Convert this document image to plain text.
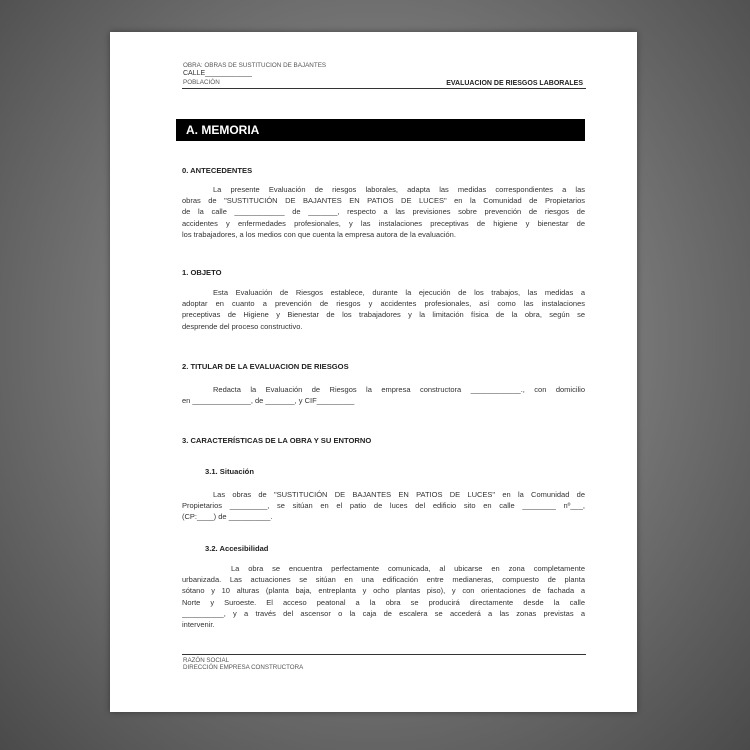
OBRA: OBRAS DE SUSTITUCION DE BAJANTES
CALLE____________
POBLACIÓN	EVALUACION DE RIESGOS LABORALES
A. MEMORIA
0. ANTECEDENTES
La presente Evaluación de riesgos laborales, adapta las medidas correspondientes a las
obras de "SUSTITUCIÓN DE BAJANTES EN PATIOS DE LUCES" en la Comunidad de Propietarios
de la calle ____________ de _______, respecto a las previsiones sobre prevención de riesgos de
accidentes y enfermedades profesionales, y las instalaciones preceptivas de higiene y bienestar de
los trabajadores, a los medios con que cuenta la empresa autora de la evaluación.
1. OBJETO
Esta Evaluación de Riesgos establece, durante la ejecución de los trabajos, las medidas a
adoptar en cuanto a prevención de riesgos y accidentes profesionales, así como las instalaciones
preceptivas de Higiene y Bienestar de los trabajadores y la limitación física de la obra, según se
desprende del proceso constructivo.
2. TITULAR DE LA EVALUACION DE RIESGOS
Redacta la Evaluación de Riesgos la empresa constructora ____________., con domicilio
en ______________, de _______, y CIF_________
3. CARACTERÍSTICAS DE LA OBRA Y SU ENTORNO
3.1. Situación
Las obras de "SUSTITUCIÓN DE BAJANTES EN PATIOS DE LUCES" en la Comunidad de
Propietarios _________, se sitúan en el patio de luces del edificio sito en calle ________ nº___,
(CP:____) de __________.
3.2. Accesibilidad
La obra se encuentra perfectamente comunicada, al ubicarse en zona completamente
urbanizada. Las actuaciones se sitúan en una edificación entre medianeras, compuesto de planta
sótano y 10 alturas (planta baja, entreplanta y ocho plantas piso), y con orientaciones de fachada a
Norte y Suroeste. El acceso peatonal a la obra se producirá directamente desde la calle
__________, y a través del ascensor o la caja de escalera se accederá a las zonas previstas a
intervenir.
RAZÓN SOCIAL
DIRECCIÓN EMPRESA CONSTRUCTORA
